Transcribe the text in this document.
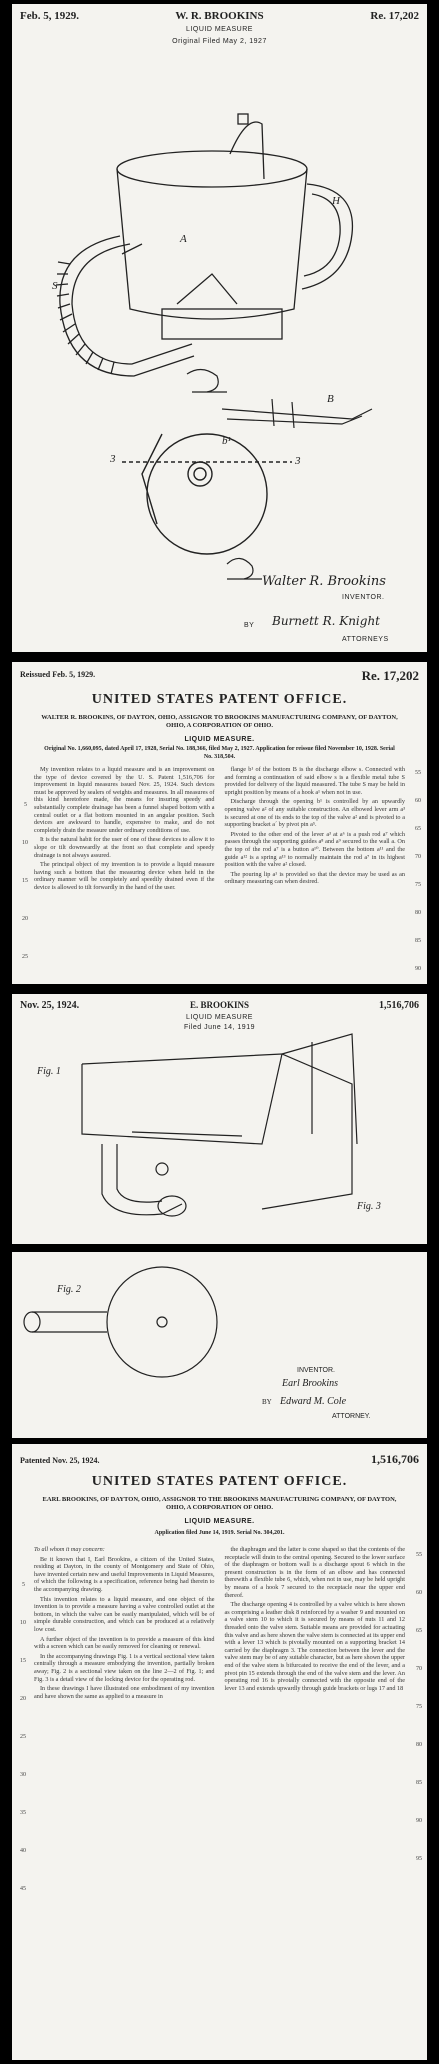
Feb. 5, 1929.	W. R. BROOKINS	Re. 17,202
LIQUID MEASURE
Original Filed May 2, 1927
S
A
H
B
3	3
b¹
Walter R. Brookins
INVENTOR.
BY Burnett R. Knight
ATTORNEYS
Reissued Feb. 5, 1929.	Re. 17,202
UNITED STATES PATENT OFFICE.
WALTER R. BROOKINS, OF DAYTON, OHIO, ASSIGNOR TO BROOKINS MANUFACTURING COMPANY, OF DAYTON, OHIO, A CORPORATION OF OHIO.
LIQUID MEASURE.
Original No. 1,660,095, dated April 17, 1928, Serial No. 188,366, filed May 2, 1927. Application for reissue filed November 10, 1928. Serial No. 318,504.

My invention relates to a liquid measure and is an improvement on the type of device covered by the U. S. Patent 1,516,706 for improvement in liquid measures issued Nov. 25, 1924. Such devices must be approved by sealers of weights and measures. In all measures of this kind heretofore made, the means for insuring speedy and substantially complete drainage has been a funnel shaped bottom with a central outlet or a flat bottom mounted in an angular position. Such devices are awkward to handle, expensive to make, and do not completely drain the measure under ordinary conditions of use.

It is the natural habit for the user of one of these devices to allow it to slope or tilt downwardly at the front so that complete and speedy drainage is not always assured.

The principal object of my invention is to provide a liquid measure having such a bottom that the measuring device when held in the ordinary manner will be completely and speedily drained even if the device is allowed to tilt forwardly in the hand of the user.

flange b¹ of the bottom B is the discharge elbow s. Connected with and forming a continuation of said elbow s is a flexible metal tube S provided for delivery of the liquid measured. The tube S may be held in upright position by means of a hook a¹ when not in use.

Discharge through the opening b¹ is controlled by an upwardly opening valve a² of any suitable construction. An elbowed lever arm a³ is secured at one of its ends to the top of the valve a² and is pivoted to a supporting bracket a´ by pivot pin a⁵.

Pivoted to the other end of the lever a³ at a⁶ is a push rod a⁷ which passes through the supporting guides a⁸ and a⁹ secured to the wall a. On the top of the rod a⁷ is a button a¹⁰. Between the bottom a¹¹ and the guide a¹² is a spring a¹³ to normally maintain the rod a⁷ in its highest position with the valve a² closed.

The pouring lip a¹ is provided so that the device may be used as an ordinary measuring can when desired.

5
10
15
20
25
55
60
65
70
75
80
85
90
Nov. 25, 1924.	E. BROOKINS	1,516,706
LIQUID MEASURE
Filed June 14, 1919
Fig. 1
Fig. 3
Fig. 2
INVENTOR.
Earl Brookins
BY Edward M. Cole
ATTORNEY.
Patented Nov. 25, 1924.	1,516,706
UNITED STATES PATENT OFFICE.
EARL BROOKINS, OF DAYTON, OHIO, ASSIGNOR TO THE BROOKINS MANUFACTURING COMPANY, OF DAYTON, OHIO, A CORPORATION OF OHIO.
LIQUID MEASURE.
Application filed June 14, 1919. Serial No. 304,201.

To all whom it may concern:

Be it known that I, Earl Brookins, a citizen of the United States, residing at Dayton, in the county of Montgomery and State of Ohio, have invented certain new and useful Improvements in Liquid Measures, of which the following is a specification, reference being had therein to the accompanying drawing.

This invention relates to a liquid measure, and one object of the invention is to provide a measure having a valve controlled outlet at the bottom, in which the valve can be easily manipulated, which will be of simple durable construction, and which can be produced at a relatively low cost.

A further object of the invention is to provide a measure of this kind with a screen which can be easily removed for cleaning or renewal.

In the accompanying drawings Fig. 1 is a vertical sectional view taken centrally through a measure embodying the invention, partially broken away; Fig. 2 is a sectional view taken on the line 2—2 of Fig. 1; and Fig. 3 is a detail view of the locking device for the operating rod.

In these drawings I have illustrated one embodiment of my invention and have shown the same as applied to a measure in

the diaphragm and the latter is cone shaped so that the contents of the receptacle will drain to the central opening. Secured to the lower surface of the diaphragm or bottom wall is a discharge spout 6 which in the present construction is in the form of an elbow and has connected therewith a flexible tube 6, which, when not in use, may be held upright by means of a hook 7 secured to the receptacle near the upper end thereof.

The discharge opening 4 is controlled by a valve which is here shown as comprising a leather disk 8 reinforced by a washer 9 and mounted on a valve stem 10 to which it is secured by means of nuts 11 and 12 threaded onto the valve stem. Suitable means are provided for actuating this valve and as here shown the valve stem is connected at its upper end with a lever 13 which is pivotally mounted on a supporting bracket 14 carried by the diaphragm 3. The connection between the lever and the valve stem may be of any suitable character, but as here shown the upper end of the valve stem is bifurcated to receive the end of the lever, and a pivot pin 15 extends through the end of the valve stem and the lever. An operating rod 16 is pivotally connected with the opposite end of the lever 13 and extends upwardly through guide brackets or lugs 17 and 18

5
10
15
20
25
30
35
40
45
55
60
65
70
75
80
85
90
95
